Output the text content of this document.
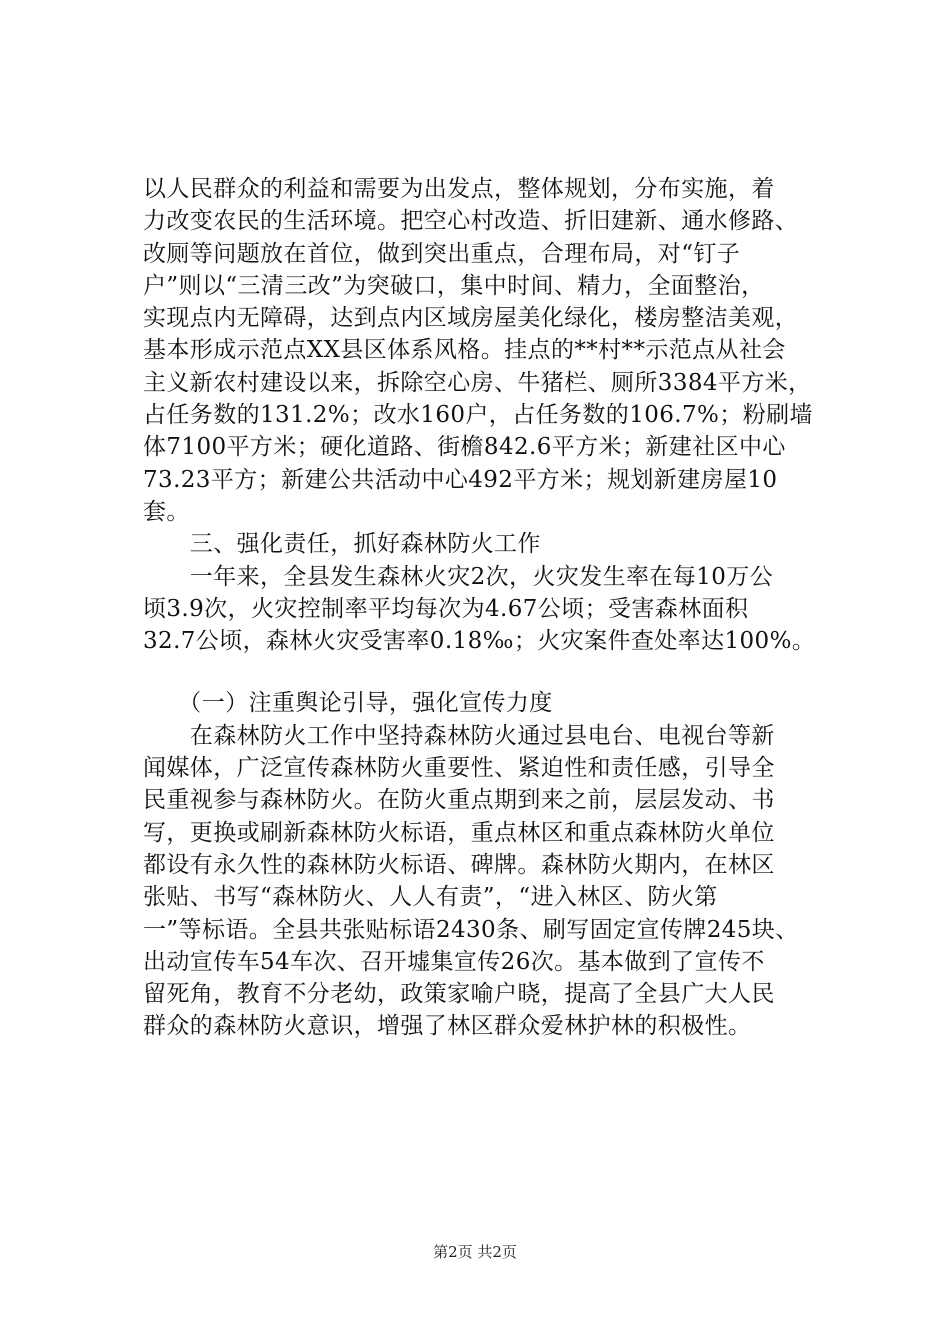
以人民群众的利益和需要为出发点，整体规划，分布实施，着
力改变农民的生活环境。把空心村改造、折旧建新、通水修路、
改厕等问题放在首位，做到突出重点，合理布局，对“钉子
户”则以“三清三改”为突破口，集中时间、精力，全面整治，
实现点内无障碍，达到点内区域房屋美化绿化，楼房整洁美观，
基本形成示范点XX县区体系风格。挂点的**村**示范点从社会
主义新农村建设以来，拆除空心房、牛猪栏、厕所3384平方米，
占任务数的131.2%；改水160户，占任务数的106.7%；粉刷墙
体7100平方米；硬化道路、街檐842.6平方米；新建社区中心
73.23平方；新建公共活动中心492平方米；规划新建房屋10
套。
　　三、强化责任，抓好森林防火工作
　　一年来，全县发生森林火灾2次，火灾发生率在每10万公
顷3.9次，火灾控制率平均每次为4.67公顷；受害森林面积
32.7公顷，森林火灾受害率0.18‰；火灾案件查处率达100%。
　　（一）注重舆论引导，强化宣传力度
　　在森林防火工作中坚持森林防火通过县电台、电视台等新
闻媒体，广泛宣传森林防火重要性、紧迫性和责任感，引导全
民重视参与森林防火。在防火重点期到来之前，层层发动、书
写，更换或刷新森林防火标语，重点林区和重点森林防火单位
都设有永久性的森林防火标语、碑牌。森林防火期内，在林区
张贴、书写“森林防火、人人有责”，“进入林区、防火第
一”等标语。全县共张贴标语2430条、刷写固定宣传牌245块、
出动宣传车54车次、召开墟集宣传26次。基本做到了宣传不
留死角，教育不分老幼，政策家喻户晓，提高了全县广大人民
群众的森林防火意识，增强了林区群众爱林护林的积极性。
第2页 共2页
